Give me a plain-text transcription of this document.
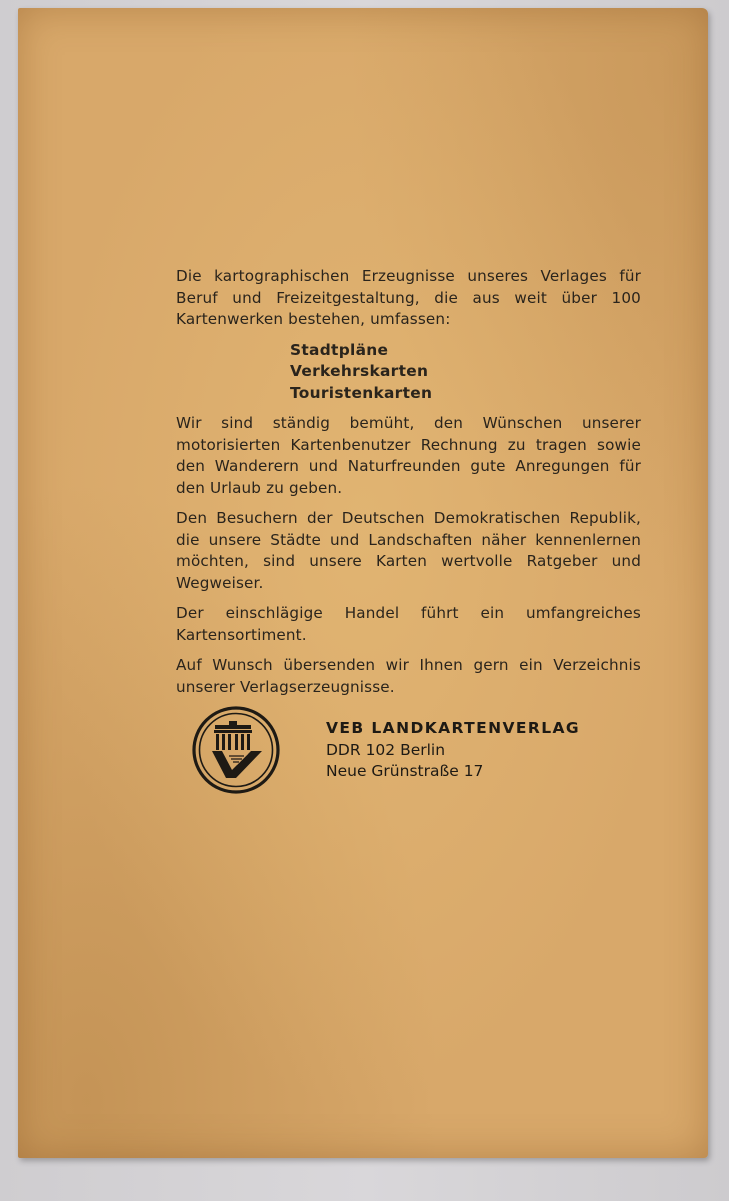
Die kartographischen Erzeugnisse unseres Verlages für Beruf und Freizeitgestaltung, die aus weit über 100 Kartenwerken bestehen, umfassen:

Stadtpläne
Verkehrskarten
Touristenkarten

Wir sind ständig bemüht, den Wünschen unserer motorisierten Kartenbenutzer Rechnung zu tragen sowie den Wanderern und Naturfreunden gute Anregungen für den Urlaub zu geben.

Den Besuchern der Deutschen Demokratischen Republik, die unsere Städte und Landschaften näher kennenlernen möchten, sind unsere Karten wertvolle Ratgeber und Wegweiser.

Der einschlägige Handel führt ein umfangreiches Kartensortiment.

Auf Wunsch übersenden wir Ihnen gern ein Verzeichnis unserer Verlagserzeugnisse.

VEB LANDKARTENVERLAG
DDR 102 Berlin
Neue Grünstraße 17
